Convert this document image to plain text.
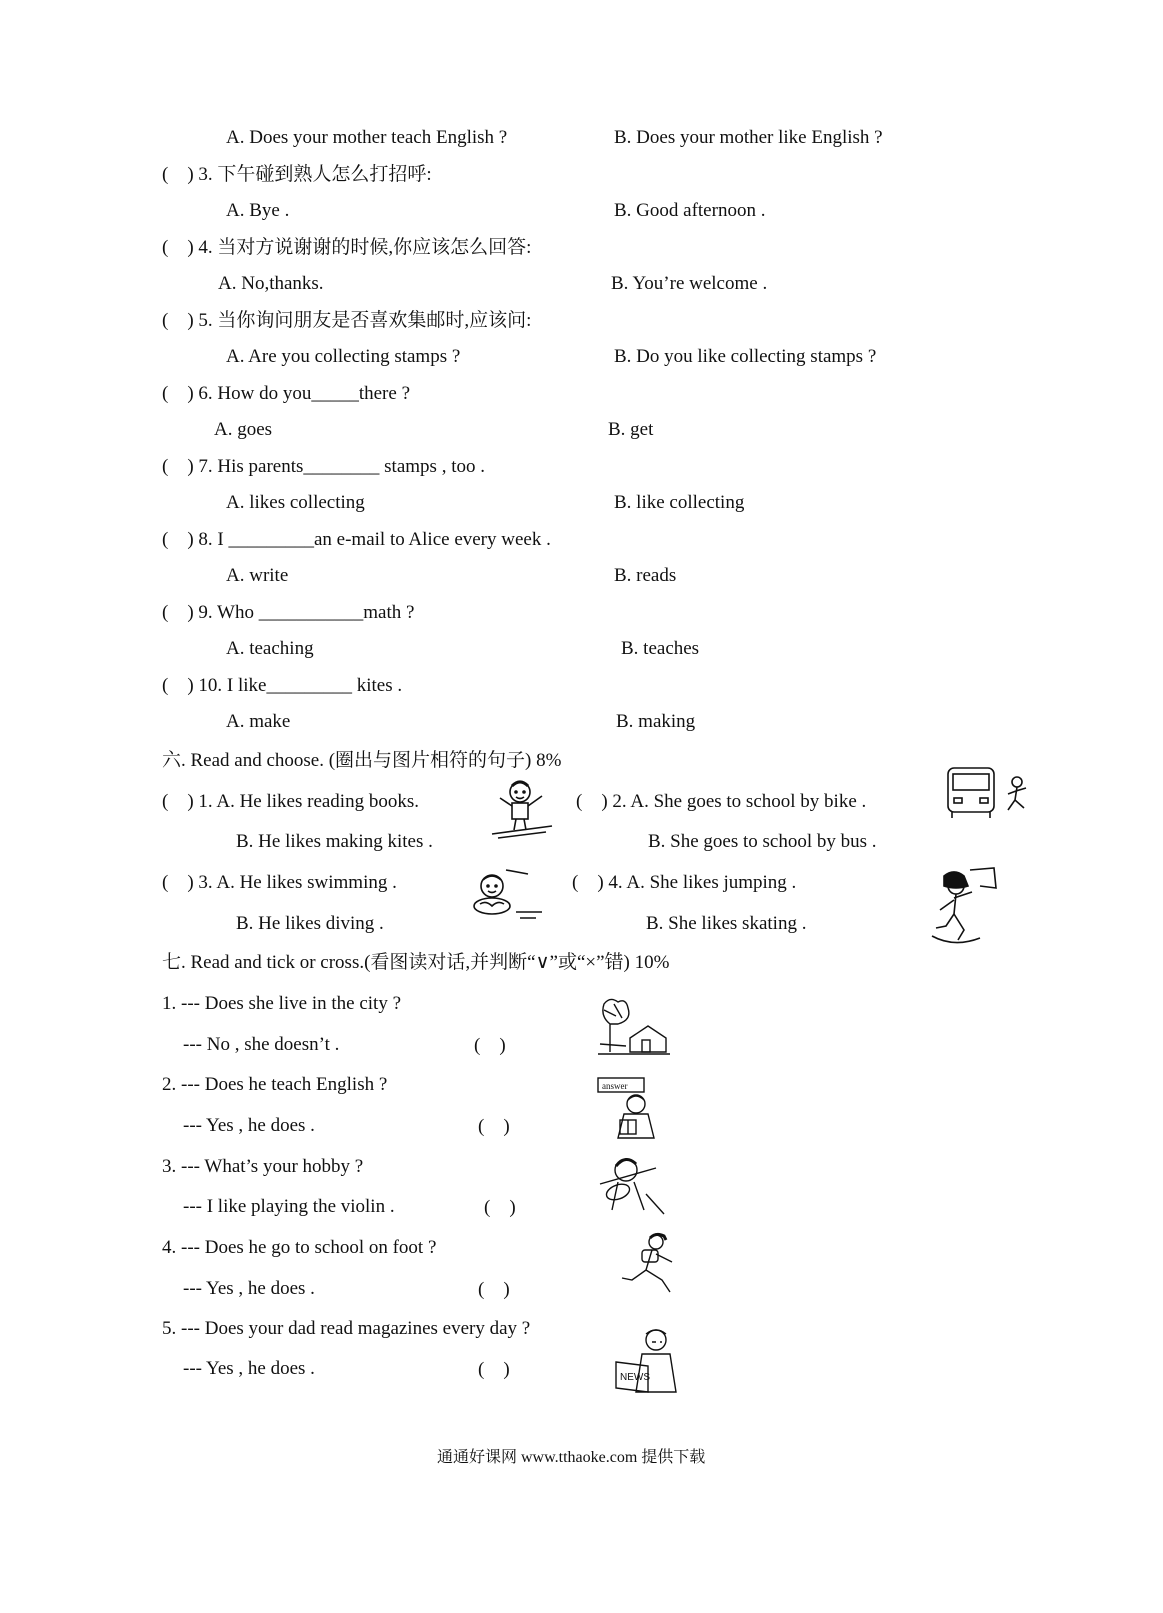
A. Does your mother teach English ?	B. Does your mother like English ?
(    ) 3. 下午碰到熟人怎么打招呼:
A. Bye .	B. Good afternoon .
(    ) 4. 当对方说谢谢的时候,你应该怎么回答:
A. No,thanks.	B. You’re welcome .
(    ) 5. 当你询问朋友是否喜欢集邮时,应该问:
A. Are you collecting stamps ?	B. Do you like collecting stamps ?
(    ) 6. How do you_____there ?
A. goes	B. get
(    ) 7. His parents________ stamps , too .
A. likes collecting	B. like collecting
(    ) 8. I _________an e-mail to Alice every week .
A. write	B. reads
(    ) 9. Who ___________math ?
A. teaching	B. teaches
(    ) 10. I like_________ kites .
A. make	B. making
六. Read and choose. (圈出与图片相符的句子) 8%
(    ) 1. A. He likes reading books.
B. He likes making kites .
(    ) 2. A. She goes to school by bike .
B. She goes to school by bus .
(    ) 3. A. He likes swimming .
B. He likes diving .
(    ) 4. A. She likes jumping .
B. She likes skating .
七. Read and tick or cross.(看图读对话,并判断“∨”或“×”错) 10%
1. --- Does she live in the city ?
--- No , she doesn’t .	(    )
2. --- Does he teach English ?
--- Yes , he does .	(    )
3. --- What’s your hobby ?
--- I like playing the violin .	(    )
4. --- Does he go to school on foot ?
--- Yes , he does .	(    )
5. --- Does your dad read magazines every day ?
--- Yes , he does .	(    )
answer
NEWS
通通好课网 www.tthaoke.com 提供下载
